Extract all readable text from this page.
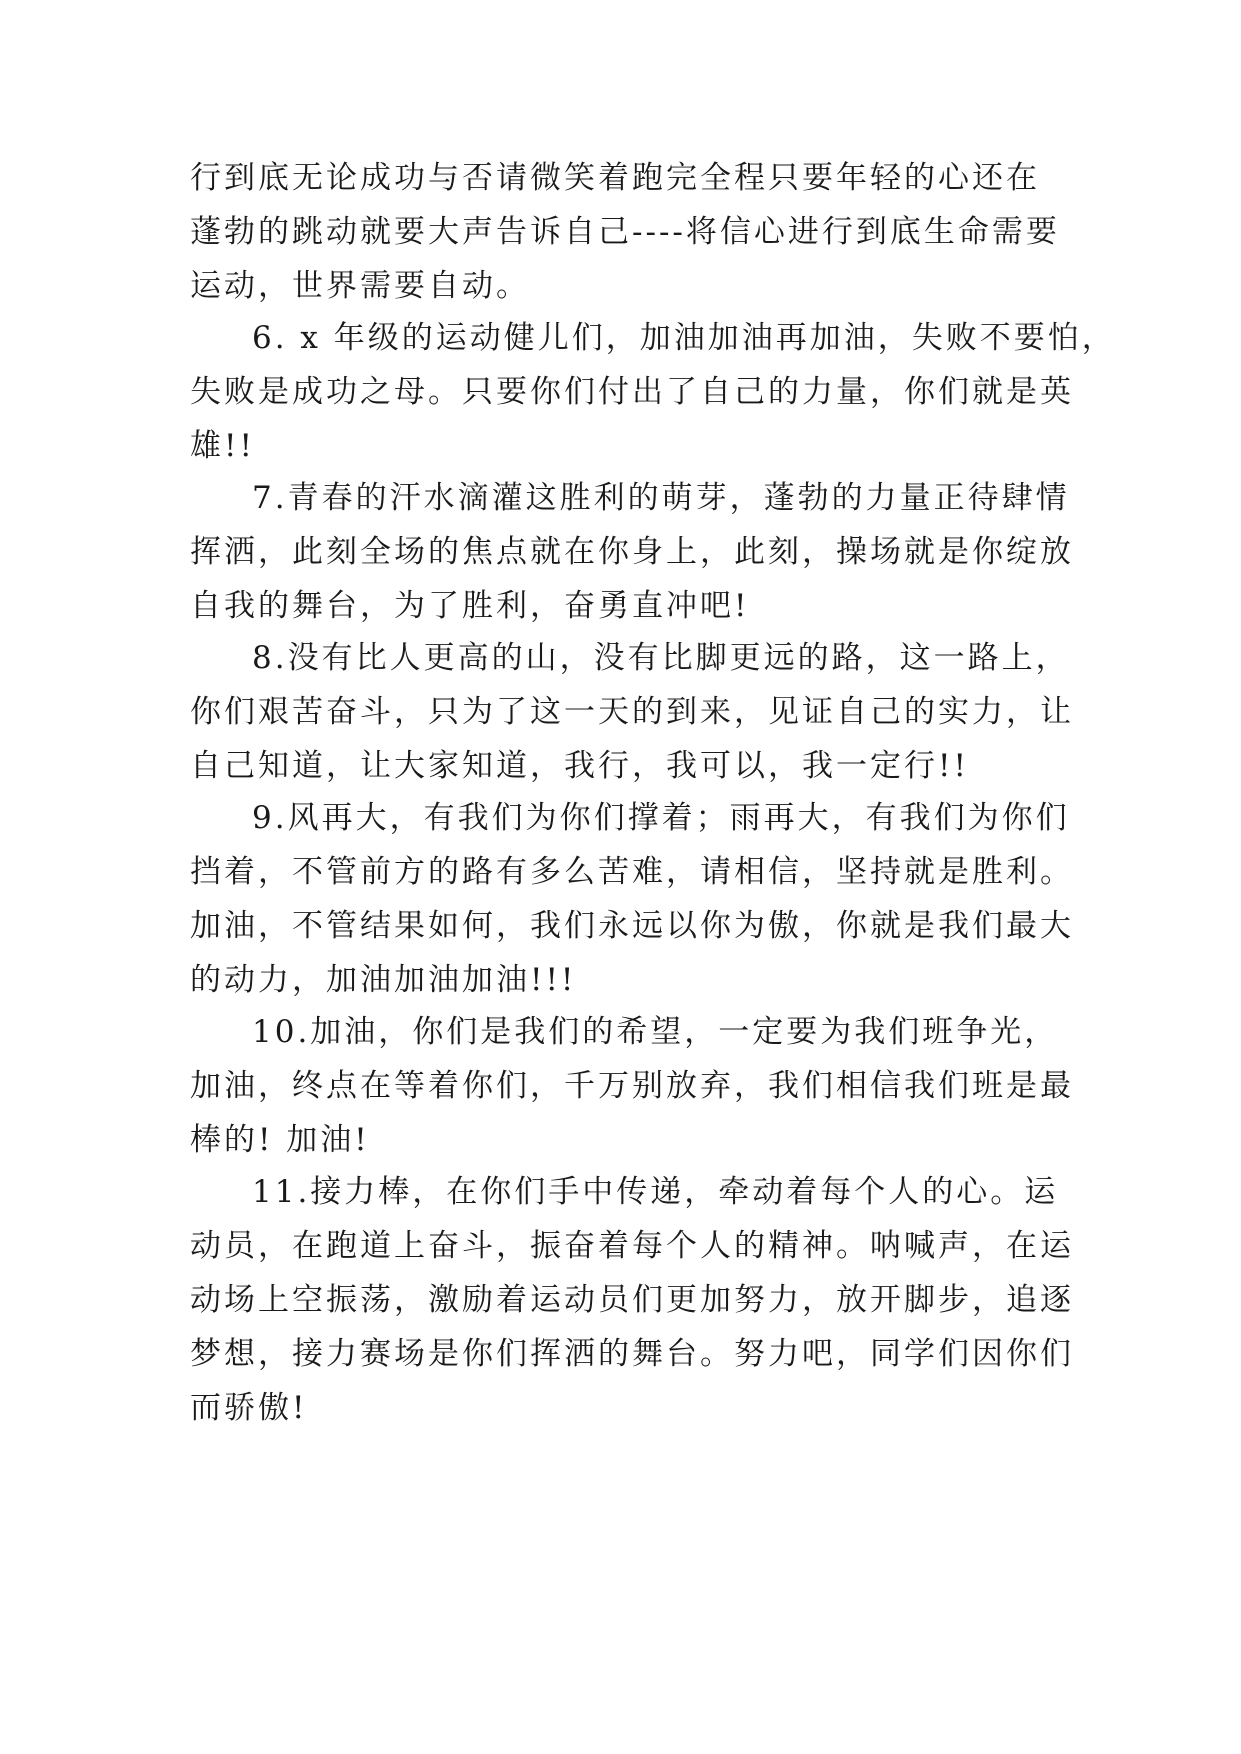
行到底无论成功与否请微笑着跑完全程只要年轻的心还在
蓬勃的跳动就要大声告诉自己----将信心进行到底生命需要
运动，世界需要自动。
6. x 年级的运动健儿们，加油加油再加油，失败不要怕，
失败是成功之母。只要你们付出了自己的力量，你们就是英
雄!!
7.青春的汗水滴灌这胜利的萌芽，蓬勃的力量正待肆情
挥洒，此刻全场的焦点就在你身上，此刻，操场就是你绽放
自我的舞台，为了胜利，奋勇直冲吧!
8.没有比人更高的山，没有比脚更远的路，这一路上，
你们艰苦奋斗，只为了这一天的到来，见证自己的实力，让
自己知道，让大家知道，我行，我可以，我一定行!!
9.风再大，有我们为你们撑着；雨再大，有我们为你们
挡着，不管前方的路有多么苦难，请相信，坚持就是胜利。
加油，不管结果如何，我们永远以你为傲，你就是我们最大
的动力，加油加油加油!!!
10.加油，你们是我们的希望，一定要为我们班争光，
加油，终点在等着你们，千万别放弃，我们相信我们班是最
棒的! 加油!
11.接力棒，在你们手中传递，牵动着每个人的心。运
动员，在跑道上奋斗，振奋着每个人的精神。呐喊声，在运
动场上空振荡，激励着运动员们更加努力，放开脚步，追逐
梦想，接力赛场是你们挥洒的舞台。努力吧，同学们因你们
而骄傲!
